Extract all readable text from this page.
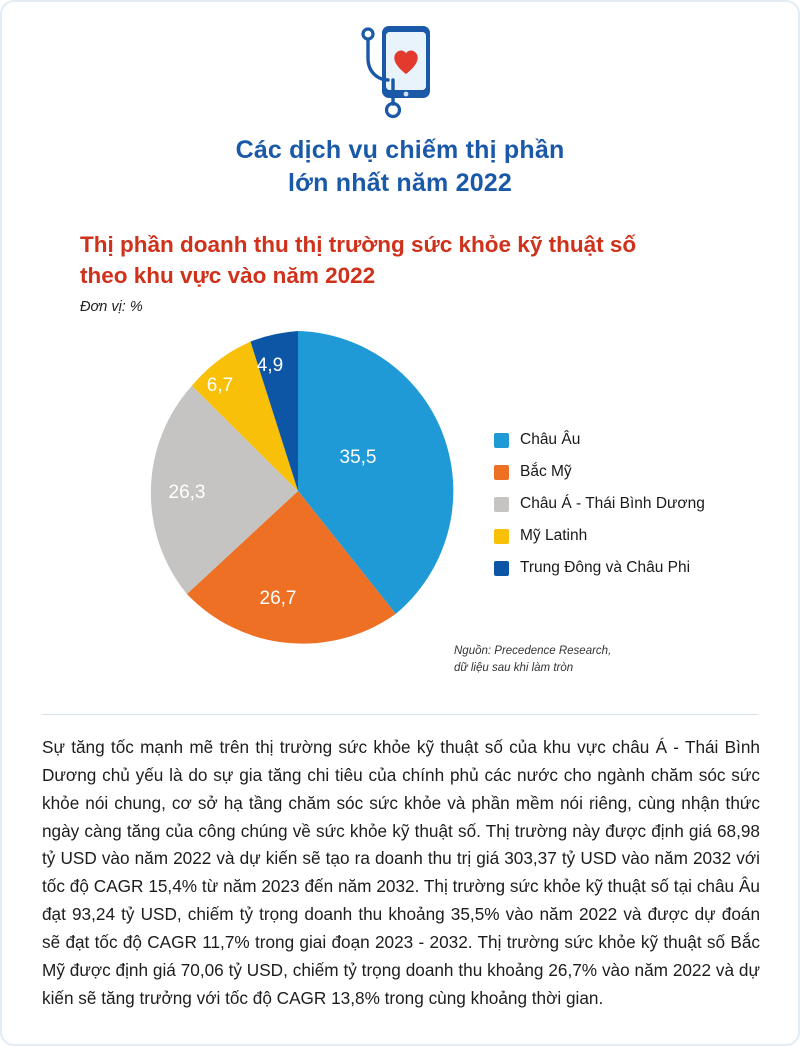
Các dịch vụ chiếm thị phần
lớn nhất năm 2022
Thị phần doanh thu thị trường sức khỏe kỹ thuật số
theo khu vực vào năm 2022
Đơn vị: %
35,5
26,7
26,3
6,7
4,9
Châu Âu
Bắc Mỹ
Châu Á - Thái Bình Dương
Mỹ Latinh
Trung Đông và Châu Phi
Nguồn: Precedence Research,
dữ liệu sau khi làm tròn
Sự tăng tốc mạnh mẽ trên thị trường sức khỏe kỹ thuật số của khu vực châu Á - Thái Bình Dương chủ yếu là do sự gia tăng chi tiêu của chính phủ các nước cho ngành chăm sóc sức khỏe nói chung, cơ sở hạ tầng chăm sóc sức khỏe và phần mềm nói riêng, cùng nhận thức ngày càng tăng của công chúng về sức khỏe kỹ thuật số. Thị trường này được định giá 68,98 tỷ USD vào năm 2022 và dự kiến sẽ tạo ra doanh thu trị giá 303,37 tỷ USD vào năm 2032 với tốc độ CAGR 15,4% từ năm 2023 đến năm 2032. Thị trường sức khỏe kỹ thuật số tại châu Âu đạt 93,24 tỷ USD, chiếm tỷ trọng doanh thu khoảng 35,5% vào năm 2022 và được dự đoán sẽ đạt tốc độ CAGR 11,7% trong giai đoạn 2023 - 2032. Thị trường sức khỏe kỹ thuật số Bắc Mỹ được định giá 70,06 tỷ USD, chiếm tỷ trọng doanh thu khoảng 26,7% vào năm 2022 và dự kiến sẽ tăng trưởng với tốc độ CAGR 13,8% trong cùng khoảng thời gian.
